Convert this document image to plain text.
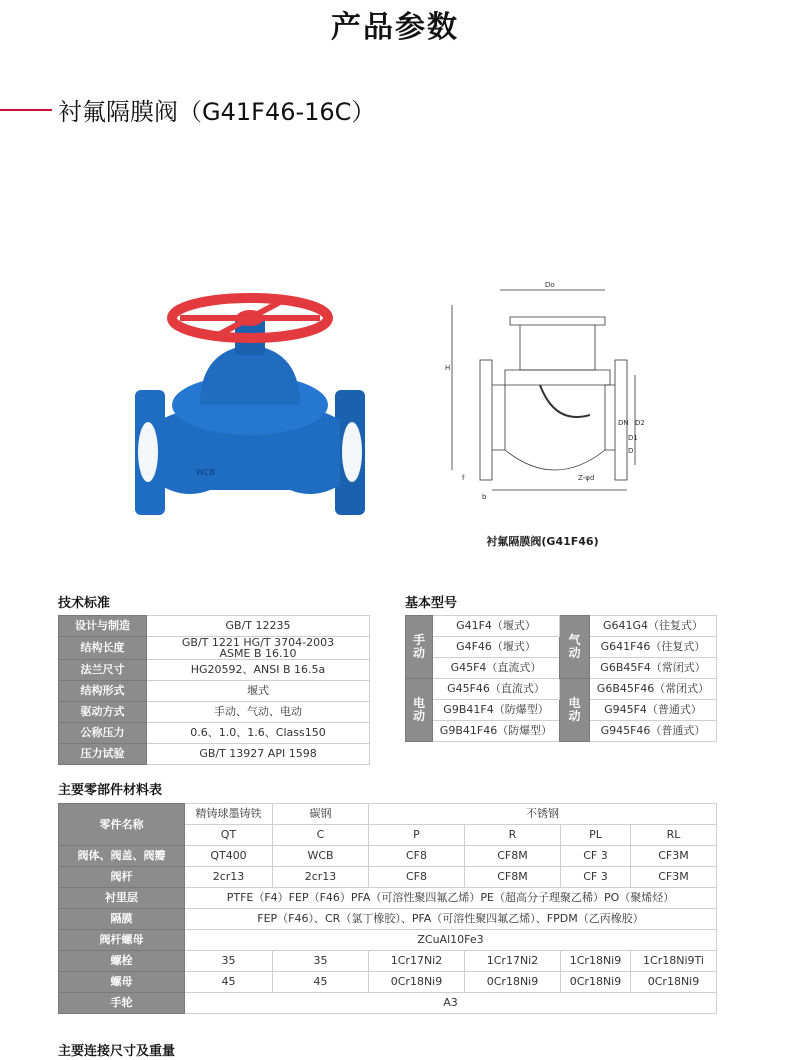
产品参数
衬氟隔膜阀（G41F46-16C）
WCB
Do
H
DN D2
D1
D
Z-φd
f
b
衬氟隔膜阀(G41F46)
技术标准
设计与制造	GB/T 12235
结构长度	GB/T 1221 HG/T 3704-2003
ASME B 16.10

法兰尺寸	HG20592、ANSI B 16.5a
结构形式	堰式
驱动方式	手动、气动、电动
公称压力	0.6、1.0、1.6、Class150
压力试验	GB/T 13927 API 1598
基本型号
手动	G41F4（堰式）	气动	G641G4（往复式）
	G4F46（堰式）		G641F46（往复式）
	G45F4（直流式）		G6B45F4（常闭式）
电动	G45F46（直流式）	电动	G6B45F46（常闭式）
	G9B41F4（防爆型）		G945F4（普通式）
	G9B41F46（防爆型）		G945F46（普通式）
主要零部件材料表
零件名称	精铸球墨铸铁	碳钢	不锈钢			
	QT	C	P	R	PL	RL
阀体、阀盖、阀瓣	QT400	WCB	CF8	CF8M	CF 3	CF3M
阀杆	2cr13	2cr13	CF8	CF8M	CF 3	CF3M
衬里层	PTFE（F4）FEP（F46）PFA（可溶性聚四氟乙烯）PE（超高分子理聚乙稀）PO（聚烯烃）					
隔膜	FEP（F46）、CR（氯丁橡胶）、PFA（可溶性聚四氟乙烯）、FPDM（乙丙橡胶）					
阀杆螺母	ZCuAl10Fe3					
螺栓	35	35	1Cr17Ni2	1Cr17Ni2	1Cr18Ni9	1Cr18Ni9Ti
螺母	45	45	0Cr18Ni9	0Cr18Ni9	0Cr18Ni9	0Cr18Ni9
手轮	A3					
主要连接尺寸及重量
